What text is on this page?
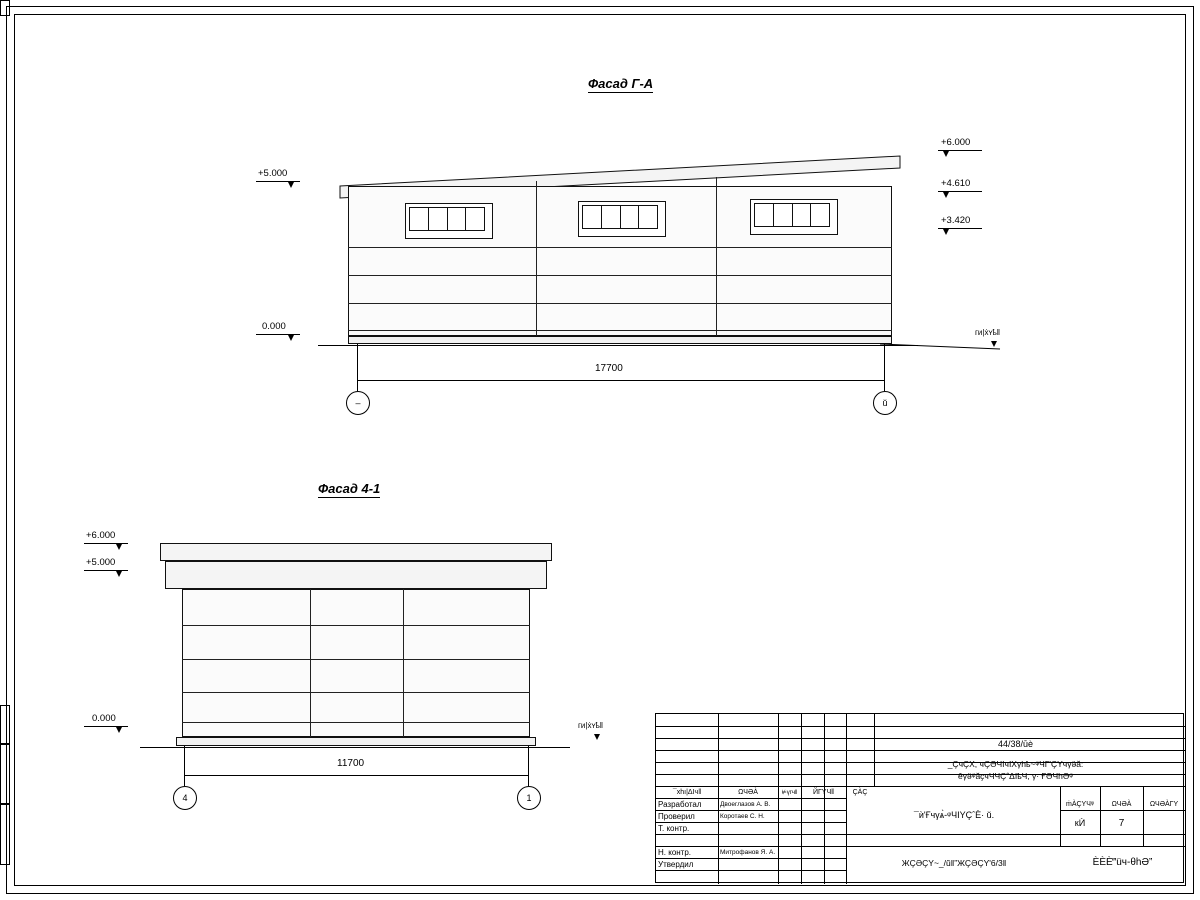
Фасад Г-А
+6.000
+4.610
+3.420
+5.000
0.000
ᴦᴎ|ẋʏҍ‖
17700
–	ŭ
Фасад 4-1
+6.000
+5.000
0.000
ᴦᴎ|ẋʏҍ‖
11700
4	1
44/38/ūè
_ÇчÇX, чÇƏЧIчIXγhҍ~ᵠЧГ'ÇYчγӛӑ:
êγӛᵠӑҫчЧЧÇˆΔIҍЧ, γ· ҒӘЧһӘᵠ
¯xhı|ΔIч‖	ΩЧӘÀ	⊭үгч‖	ЙГYЧ‖	ÇÀÇ
Разработал	Двоеглазов А. В.
Проверил	Коротаев С. Н.
Т. контр.
Н. контр.	Митрофанов Я. А.
Утвердил
¯ѝ'Ғчγѧ̀-ᵠЧIYÇˆÈ· ŭ.
ЖÇӘÇY~_/ŭ‖”ЖÇӘÇY'6/3‖
ṁÀÇYЧᵠ	ΩЧӘÀ	ΩЧӘÀΓY
кЍ	7
ÈÈÈ‴üч-θhӘ”
